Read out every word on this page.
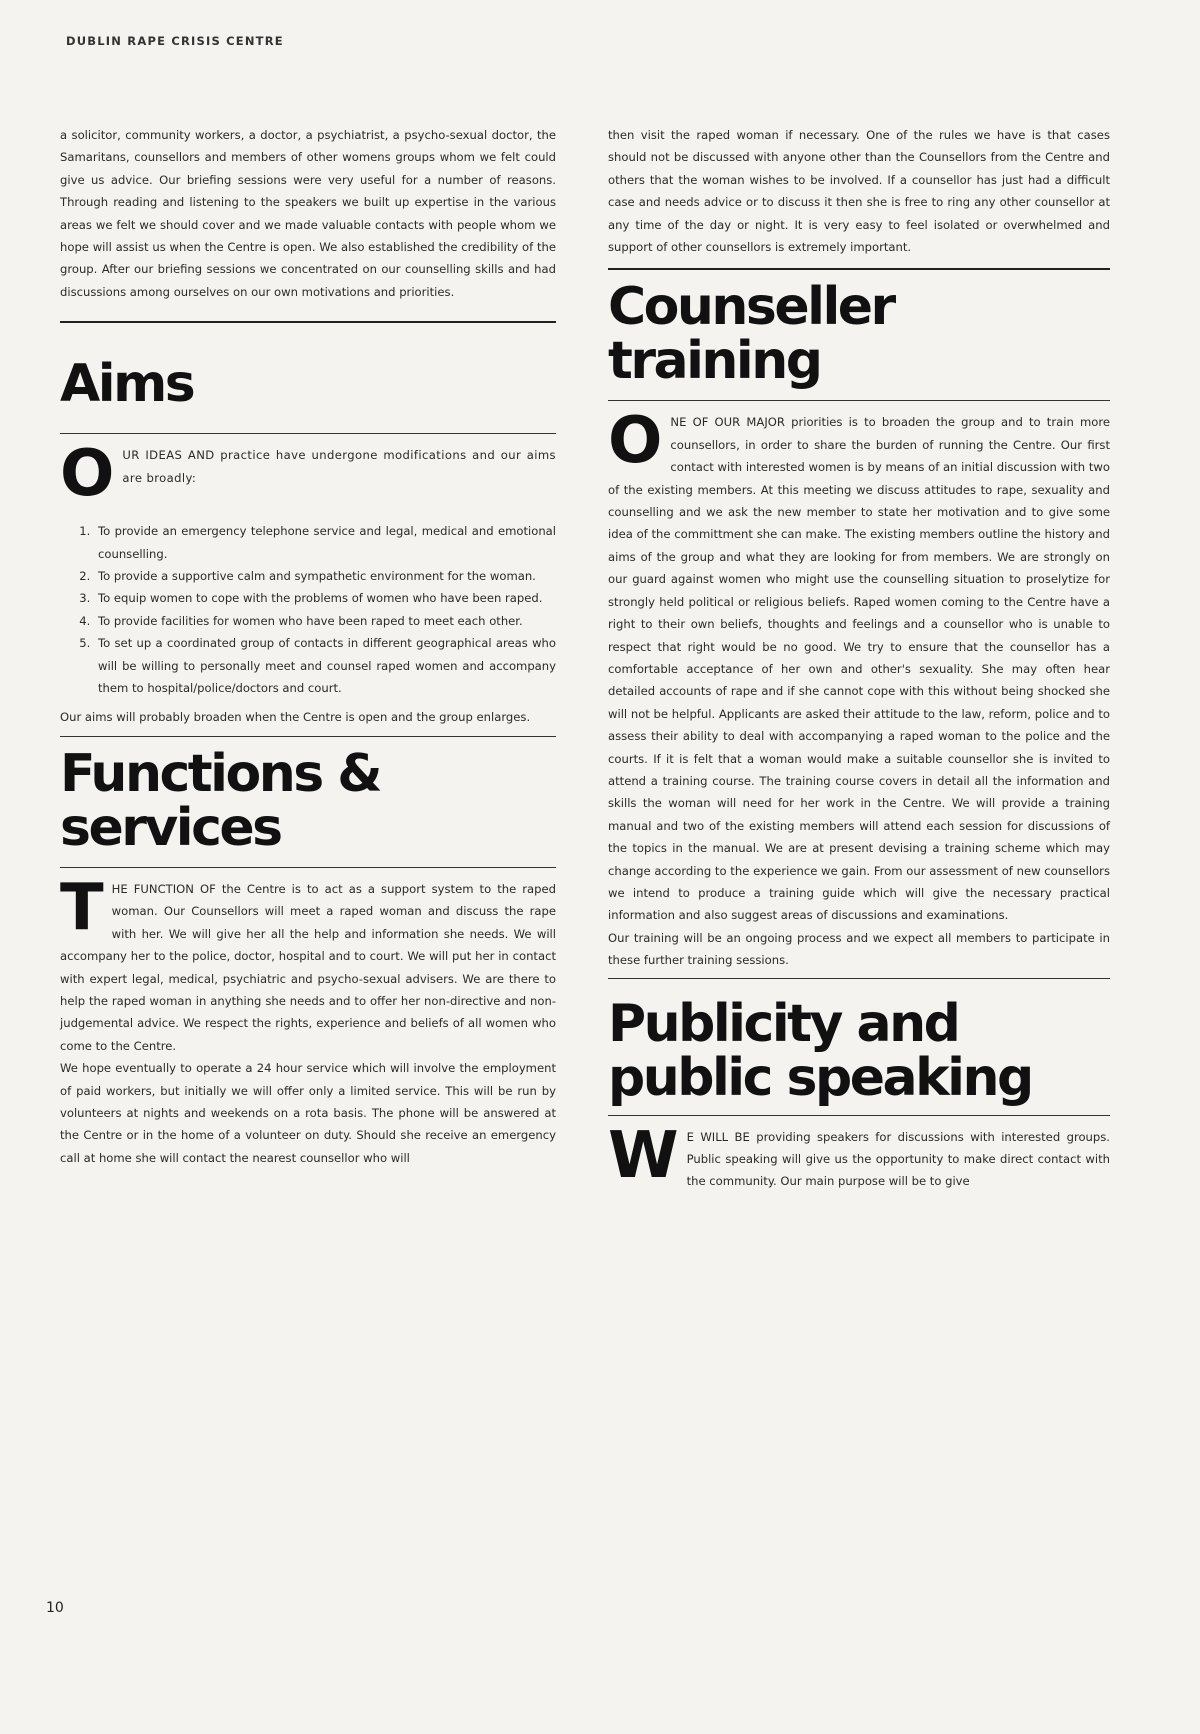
DUBLIN RAPE CRISIS CENTRE

a solicitor, community workers, a doctor, a psychiatrist, a psycho-sexual doctor, the Samaritans, counsellors and members of other womens groups whom we felt could give us advice. Our briefing sessions were very useful for a number of reasons. Through reading and listening to the speakers we built up expertise in the various areas we felt we should cover and we made valuable contacts with people whom we hope will assist us when the Centre is open. We also established the credibility of the group. After our briefing sessions we concentrated on our counselling skills and had discussions among ourselves on our own motivations and priorities.

Aims
O UR IDEAS AND practice have undergone modifications and our aims are broadly:

1. To provide an emergency telephone service and legal, medical and emotional counselling.
2. To provide a supportive calm and sympathetic environment for the woman.
3. To equip women to cope with the problems of women who have been raped.
4. To provide facilities for women who have been raped to meet each other.
5. To set up a coordinated group of contacts in different geographical areas who will be willing to personally meet and counsel raped women and accompany them to hospital/police/doctors and court.

Our aims will probably broaden when the Centre is open and the group enlarges.

Functions &
services
T HE FUNCTION OF the Centre is to act as a support system to the raped woman. Our Counsellors will meet a raped woman and discuss the rape with her. We will give her all the help and information she needs. We will accompany her to the police, doctor, hospital and to court. We will put her in contact with expert legal, medical, psychiatric and psycho-sexual advisers. We are there to help the raped woman in anything she needs and to offer her non-directive and non-judgemental advice. We respect the rights, experience and beliefs of all women who come to the Centre.

We hope eventually to operate a 24 hour service which will involve the employment of paid workers, but initially we will offer only a limited service. This will be run by volunteers at nights and weekends on a rota basis. The phone will be answered at the Centre or in the home of a volunteer on duty. Should she receive an emergency call at home she will contact the nearest counsellor who will

then visit the raped woman if necessary. One of the rules we have is that cases should not be discussed with anyone other than the Counsellors from the Centre and others that the woman wishes to be involved. If a counsellor has just had a difficult case and needs advice or to discuss it then she is free to ring any other counsellor at any time of the day or night. It is very easy to feel isolated or overwhelmed and support of other counsellors is extremely important.

Counseller
training
O NE OF OUR MAJOR priorities is to broaden the group and to train more counsellors, in order to share the burden of running the Centre. Our first contact with interested women is by means of an initial discussion with two of the existing members. At this meeting we discuss attitudes to rape, sexuality and counselling and we ask the new member to state her motivation and to give some idea of the committment she can make. The existing members outline the history and aims of the group and what they are looking for from members. We are strongly on our guard against women who might use the counselling situation to proselytize for strongly held political or religious beliefs. Raped women coming to the Centre have a right to their own beliefs, thoughts and feelings and a counsellor who is unable to respect that right would be no good. We try to ensure that the counsellor has a comfortable acceptance of her own and other's sexuality. She may often hear detailed accounts of rape and if she cannot cope with this without being shocked she will not be helpful. Applicants are asked their attitude to the law, reform, police and to assess their ability to deal with accompanying a raped woman to the police and the courts. If it is felt that a woman would make a suitable counsellor she is invited to attend a training course. The training course covers in detail all the information and skills the woman will need for her work in the Centre. We will provide a training manual and two of the existing members will attend each session for discussions of the topics in the manual. We are at present devising a training scheme which may change according to the experience we gain. From our assessment of new counsellors we intend to produce a training guide which will give the necessary practical information and also suggest areas of discussions and examinations.

Our training will be an ongoing process and we expect all members to participate in these further training sessions.

Publicity and
public speaking
W E WILL BE providing speakers for discussions with interested groups. Public speaking will give us the opportunity to make direct contact with the community. Our main purpose will be to give

10
